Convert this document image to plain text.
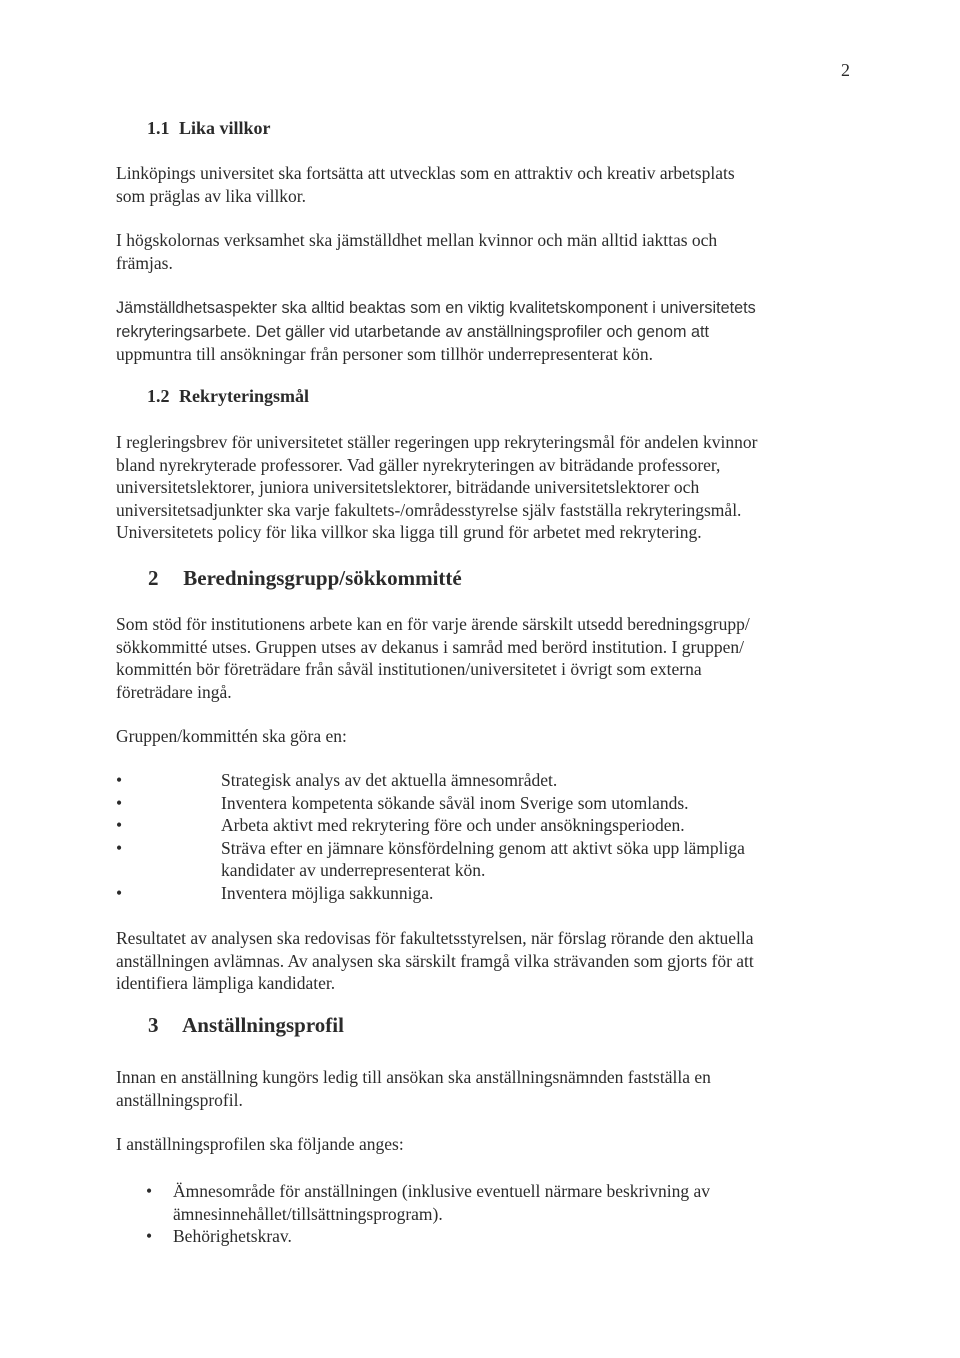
2
1.1 Lika villkor
Linköpings universitet ska fortsätta att utvecklas som en attraktiv och kreativ arbetsplats
som präglas av lika villkor.
I högskolornas verksamhet ska jämställdhet mellan kvinnor och män alltid iakttas och
främjas.
Jämställdhetsaspekter ska alltid beaktas som en viktig kvalitetskomponent i universitetets
rekryteringsarbete. Det gäller vid utarbetande av anställningsprofiler och genom att
uppmuntra till ansökningar från personer som tillhör underrepresenterat kön.
1.2 Rekryteringsmål
I regleringsbrev för universitetet ställer regeringen upp rekryteringsmål för andelen kvinnor
bland nyrekryterade professorer. Vad gäller nyrekryteringen av biträdande professorer,
universitetslektorer, juniora universitetslektorer, biträdande universitetslektorer och
universitetsadjunkter ska varje fakultets-/områdesstyrelse själv fastställa rekryteringsmål.
Universitetets policy för lika villkor ska ligga till grund för arbetet med rekrytering.
2 Beredningsgrupp/sökkommitté
Som stöd för institutionens arbete kan en för varje ärende särskilt utsedd beredningsgrupp/
sökkommitté utses. Gruppen utses av dekanus i samråd med berörd institution. I gruppen/
kommittén bör företrädare från såväl institutionen/universitetet i övrigt som externa
företrädare ingå.
Gruppen/kommittén ska göra en:
•	Strategisk analys av det aktuella ämnesområdet.
•	Inventera kompetenta sökande såväl inom Sverige som utomlands.
•	Arbeta aktivt med rekrytering före och under ansökningsperioden.
•	Sträva efter en jämnare könsfördelning genom att aktivt söka upp lämpliga
kandidater av underrepresenterat kön.
•	Inventera möjliga sakkunniga.
Resultatet av analysen ska redovisas för fakultetsstyrelsen, när förslag rörande den aktuella
anställningen avlämnas. Av analysen ska särskilt framgå vilka strävanden som gjorts för att
identifiera lämpliga kandidater.
3 Anställningsprofil
Innan en anställning kungörs ledig till ansökan ska anställningsnämnden fastställa en
anställningsprofil.
I anställningsprofilen ska följande anges:
• Ämnesområde för anställningen (inklusive eventuell närmare beskrivning av
ämnesinnehållet/tillsättningsprogram).
• Behörighetskrav.
